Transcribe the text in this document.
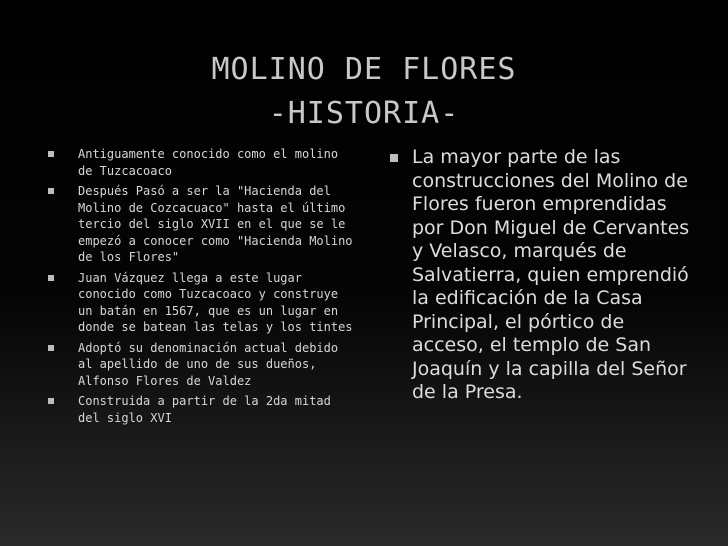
MOLINO DE FLORES
-HISTORIA-
Antiguamente conocido como el molino de Tuzcacoaco
Después Pasó a ser la "Hacienda del Molino de Cozcacuaco" hasta el último tercio del siglo XVII en el que se le empezó a conocer como "Hacienda Molino de los Flores"
Juan Vázquez llega a este lugar conocido como Tuzcacoaco y construye un batán en 1567, que es un lugar en donde se batean las telas y los tintes
Adoptó su denominación actual debido al apellido de uno de sus dueños, Alfonso Flores de Valdez
Construida a partir de la 2da mitad del siglo XVI
La mayor parte de las construcciones del Molino de Flores fueron emprendidas por Don Miguel de Cervantes y Velasco, marqués de Salvatierra, quien emprendió la edificación de la Casa Principal, el pórtico de acceso, el templo de San Joaquín y la capilla del Señor de la Presa.
